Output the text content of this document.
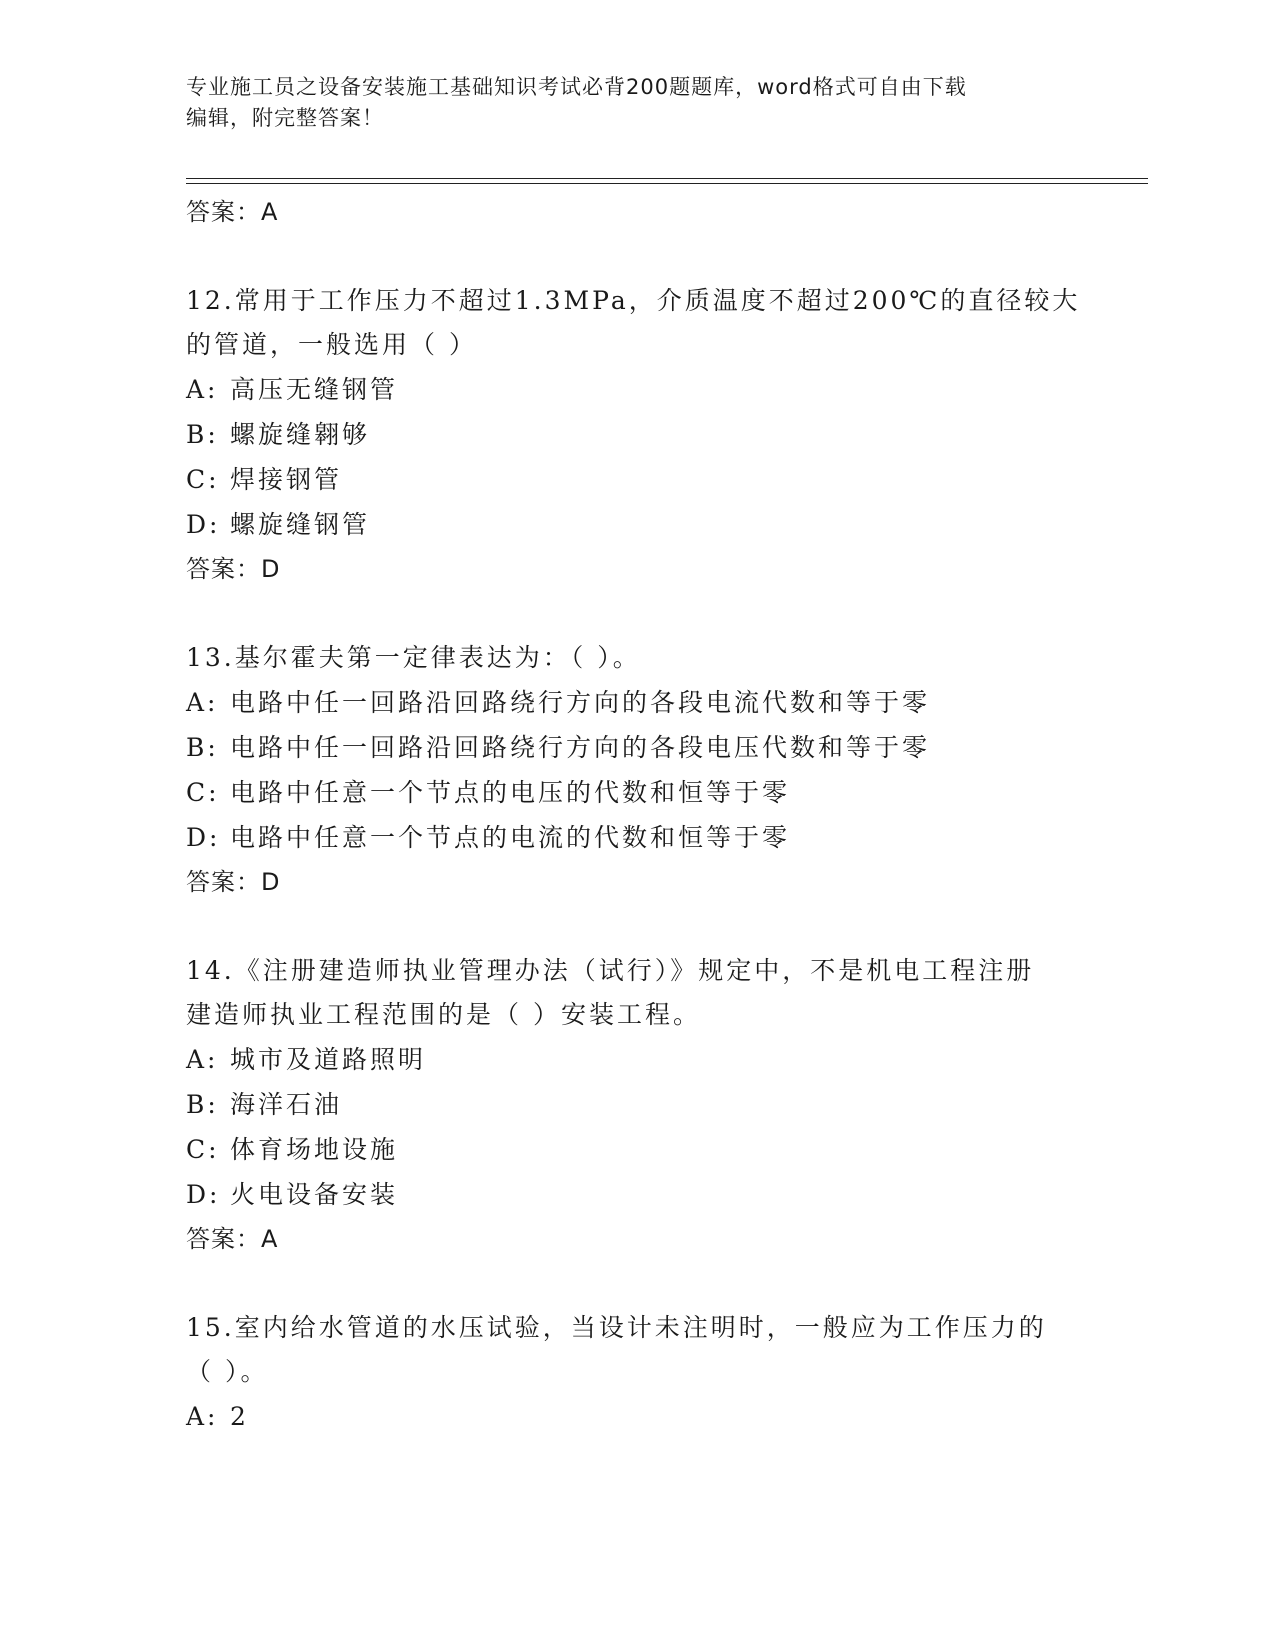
专业施工员之设备安装施工基础知识考试必背200题题库，word格式可自由下载
编辑，附完整答案！
答案：A
12.常用于工作压力不超过1.3MPa，介质温度不超过200℃的直径较大
的管道，一般选用（ ）
A: 高压无缝钢管
B: 螺旋缝翱够
C: 焊接钢管
D: 螺旋缝钢管
答案：D
13.基尔霍夫第一定律表达为：（ ）。
A: 电路中任一回路沿回路绕行方向的各段电流代数和等于零
B: 电路中任一回路沿回路绕行方向的各段电压代数和等于零
C: 电路中任意一个节点的电压的代数和恒等于零
D: 电路中任意一个节点的电流的代数和恒等于零
答案：D
14.《注册建造师执业管理办法（试行）》规定中，不是机电工程注册
建造师执业工程范围的是（ ）安装工程。
A: 城市及道路照明
B: 海洋石油
C: 体育场地设施
D: 火电设备安装
答案：A
15.室内给水管道的水压试验，当设计未注明时，一般应为工作压力的
（ ）。
A: 2
